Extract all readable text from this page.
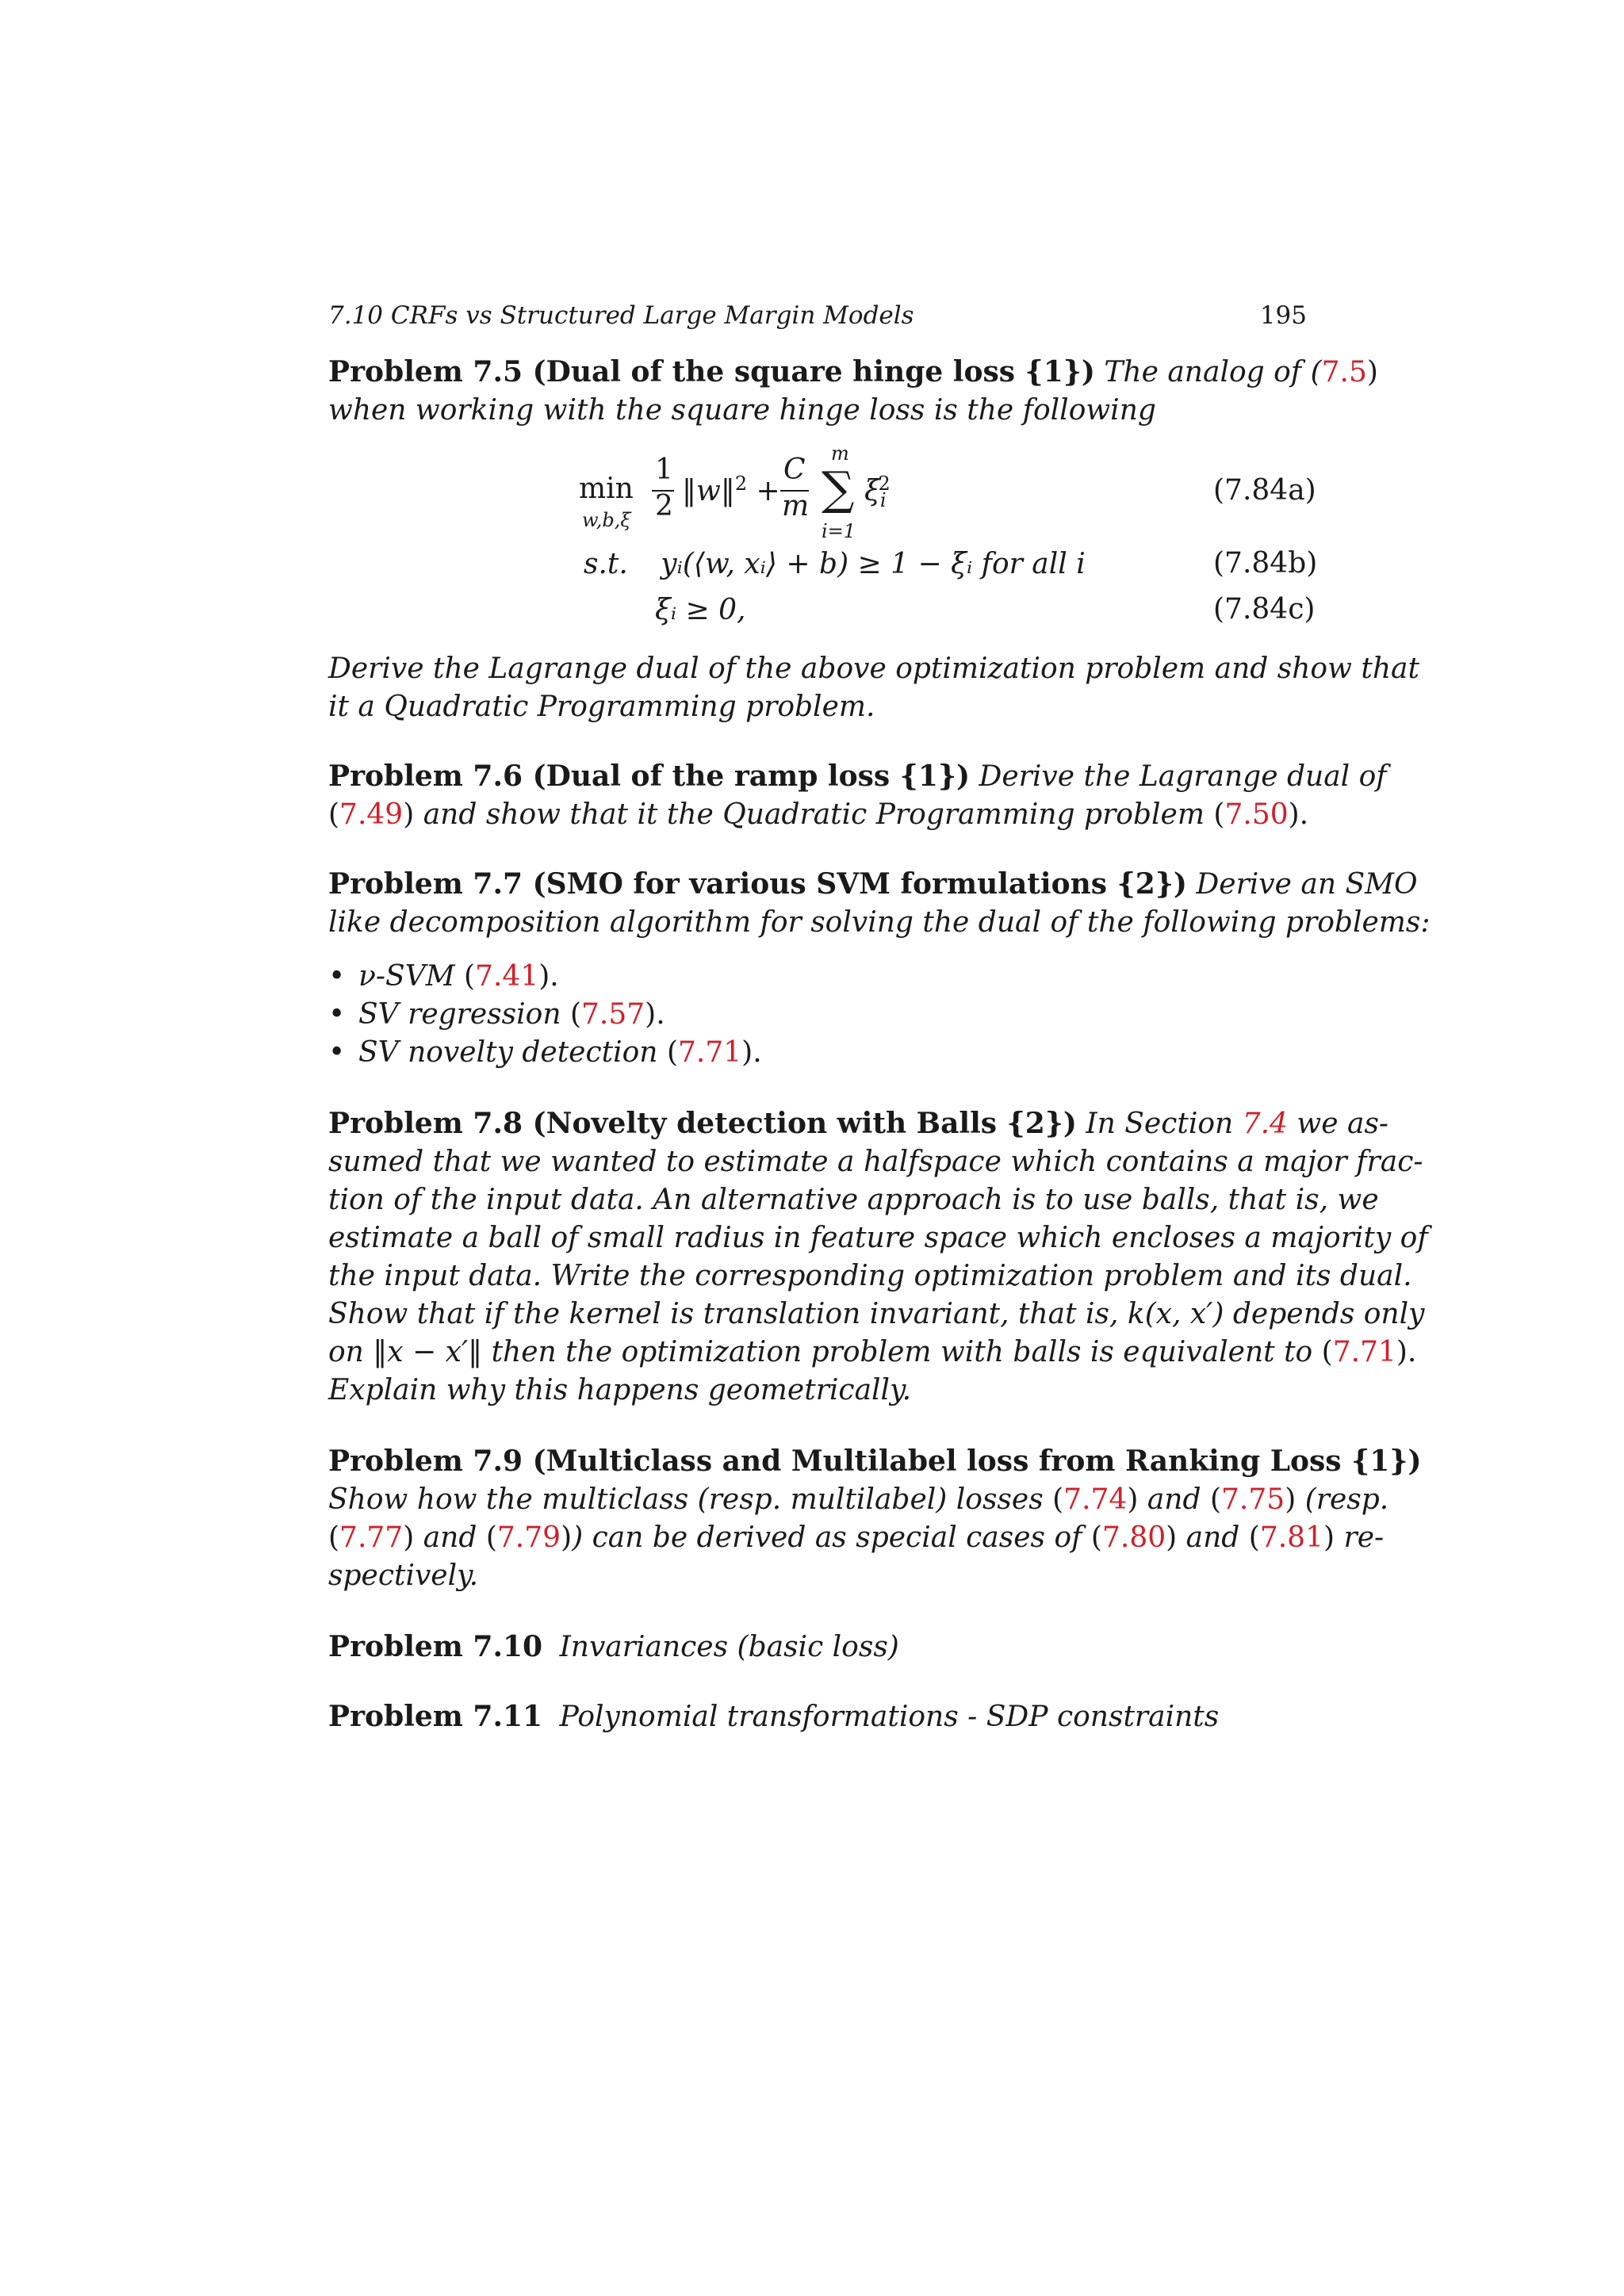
7.10 CRFs vs Structured Large Margin Models	195
Problem 7.5 (Dual of the square hinge loss {1}) The analog of (7.5)
when working with the square hinge loss is the following
min
w,b,ξ
1
2 ‖w‖$^2$ +
C
m
m
∑
i=1
$\xi_i^2$	(7.84a)
s.t. yᵢ(⟨w, xᵢ⟩ + b) ≥ 1 − ξᵢ for all i	(7.84b)
ξᵢ ≥ 0,	(7.84c)
Derive the Lagrange dual of the above optimization problem and show that
it a Quadratic Programming problem.
Problem 7.6 (Dual of the ramp loss {1}) Derive the Lagrange dual of
(7.49) and show that it the Quadratic Programming problem (7.50).
Problem 7.7 (SMO for various SVM formulations {2}) Derive an SMO
like decomposition algorithm for solving the dual of the following problems:
• ν-SVM (7.41).
• SV regression (7.57).
• SV novelty detection (7.71).
Problem 7.8 (Novelty detection with Balls {2}) In Section 7.4 we as-
sumed that we wanted to estimate a halfspace which contains a major frac-
tion of the input data. An alternative approach is to use balls, that is, we
estimate a ball of small radius in feature space which encloses a majority of
the input data. Write the corresponding optimization problem and its dual.
Show that if the kernel is translation invariant, that is, k(x, x′) depends only
on ‖x − x′‖ then the optimization problem with balls is equivalent to (7.71).
Explain why this happens geometrically.
Problem 7.9 (Multiclass and Multilabel loss from Ranking Loss {1})
Show how the multiclass (resp. multilabel) losses (7.74) and (7.75) (resp.
(7.77) and (7.79)) can be derived as special cases of (7.80) and (7.81) re-
spectively.
Problem 7.10 Invariances (basic loss)
Problem 7.11 Polynomial transformations - SDP constraints
